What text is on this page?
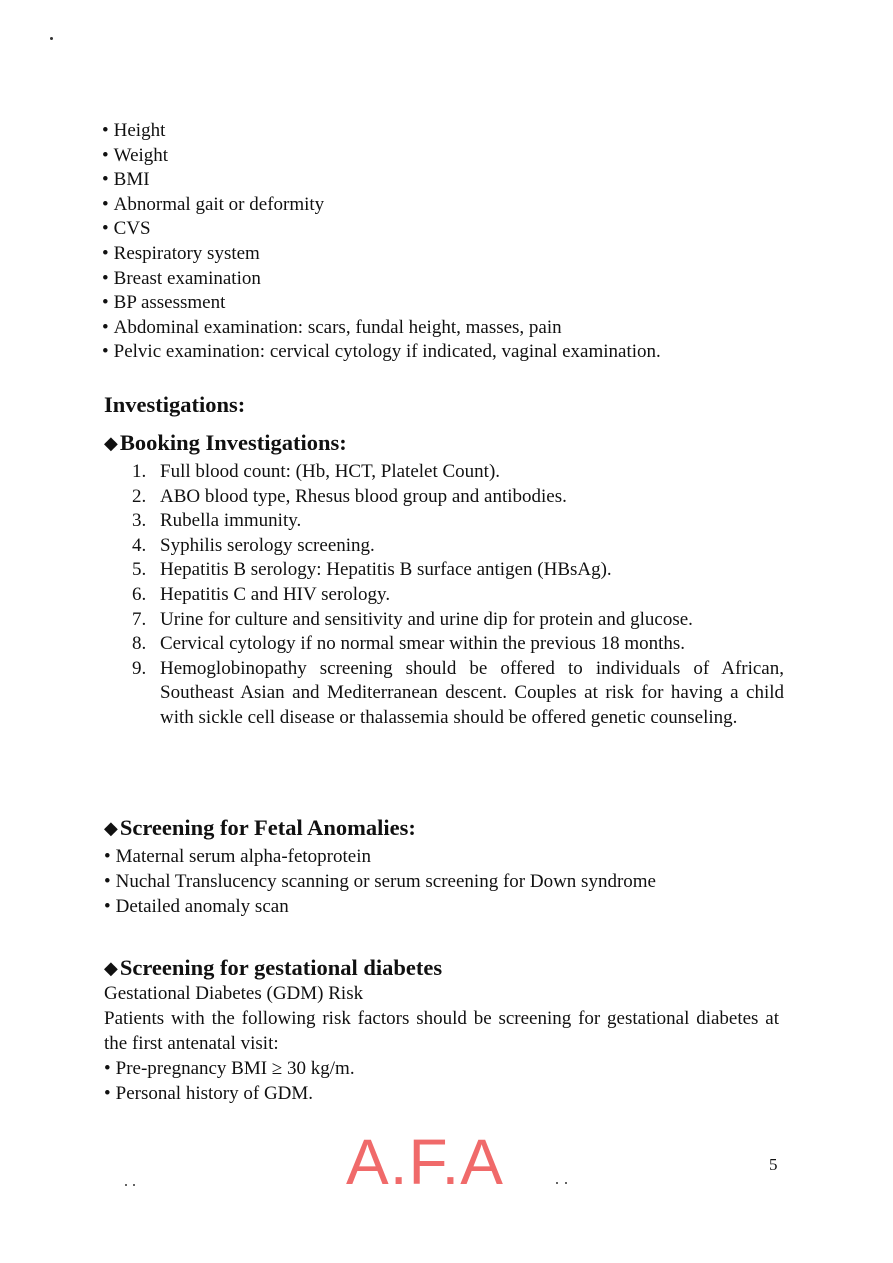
• Height
• Weight
• BMI
• Abnormal gait or deformity
• CVS
• Respiratory system
• Breast examination
• BP assessment
• Abdominal examination: scars, fundal height, masses, pain
• Pelvic examination: cervical cytology if indicated, vaginal examination.
Investigations:
◆Booking Investigations:
1. Full blood count: (Hb, HCT, Platelet Count).
2. ABO blood type, Rhesus blood group and antibodies.
3. Rubella immunity.
4. Syphilis serology screening.
5. Hepatitis B serology: Hepatitis B surface antigen (HBsAg).
6. Hepatitis C and HIV serology.
7. Urine for culture and sensitivity and urine dip for protein and glucose.
8. Cervical cytology if no normal smear within the previous 18 months.
9. Hemoglobinopathy screening should be offered to individuals of African, Southeast Asian and Mediterranean descent. Couples at risk for having a child with sickle cell disease or thalassemia should be offered genetic counseling.
◆Screening for Fetal Anomalies:
• Maternal serum alpha-fetoprotein
• Nuchal Translucency scanning or serum screening for Down syndrome
• Detailed anomaly scan
◆Screening for gestational diabetes

Gestational Diabetes (GDM) Risk

Patients with the following risk factors should be screening for gestational diabetes at the first antenatal visit:

• Pre-pregnancy BMI ≥ 30 kg/m.
• Personal history of GDM.
A.F.A	5
